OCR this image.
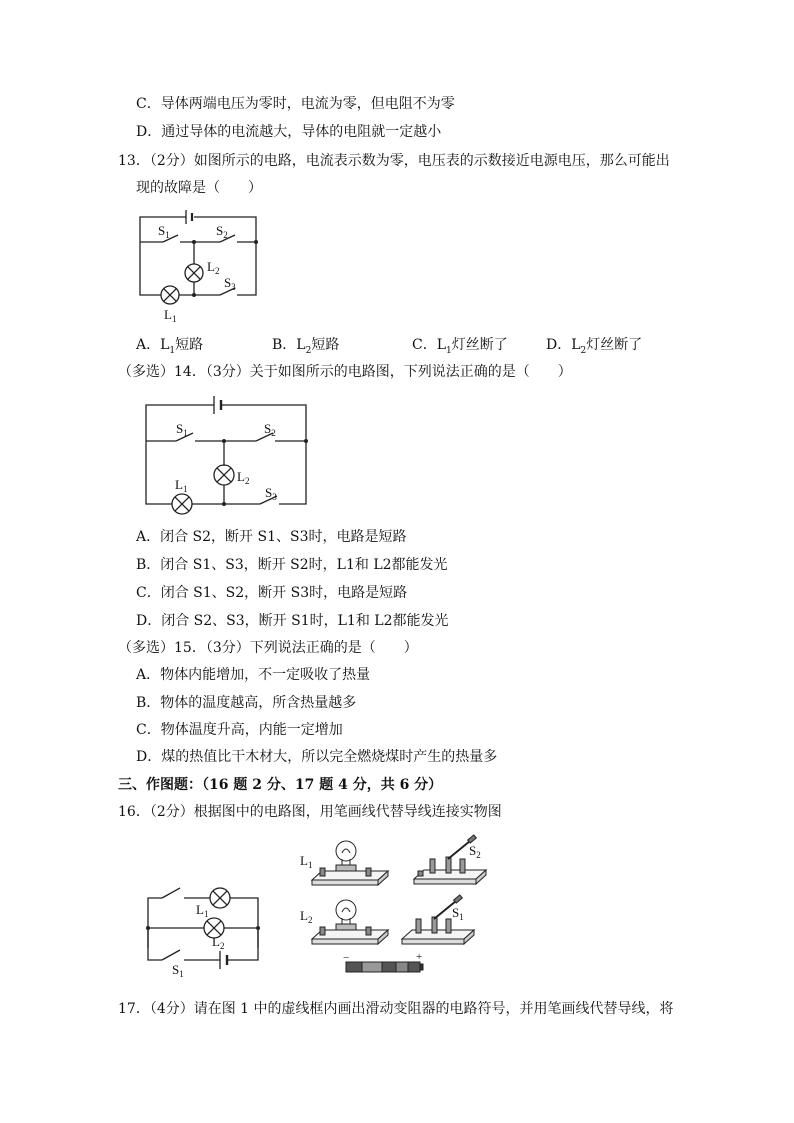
C．导体两端电压为零时，电流为零，但电阻不为零
D．通过导体的电流越大，导体的电阻就一定越小
13．（2分）如图所示的电路，电流表示数为零，电压表的示数接近电源电压，那么可能出
现的故障是（　　）
$S_1$	$S_2$
$L_2$
$S_3$
$L_1$
A．$L_1$短路	B．$L_2$短路	C．$L_1$灯丝断了	D．$L_2$灯丝断了
（多选）14．（3分）关于如图所示的电路图，下列说法正确的是（　　）
$S_1$	$S_2$
$L_2$
$L_1$	$S_3$
A．闭合 S2，断开 S1、S3时，电路是短路
B．闭合 S1、S3，断开 S2时，L1和 L2都能发光
C．闭合 S1、S2，断开 S3时，电路是短路
D．闭合 S2、S3，断开 S1时，L1和 L2都能发光
（多选）15．（3分）下列说法正确的是（　　）
A．物体内能增加，不一定吸收了热量
B．物体的温度越高，所含热量越多
C．物体温度升高，内能一定增加
D．煤的热值比干木材大，所以完全燃烧煤时产生的热量多
三、作图题：（16 题 2 分、17 题 4 分，共 6 分）
16．（2分）根据图中的电路图，用笔画线代替导线连接实物图
$L_1$
$L_2$
$S_1$
$L_1$
$L_2$
$S_2$
$S_1$
−	+
17．（4分）请在图 1 中的虚线框内画出滑动变阻器的电路符号，并用笔画线代替导线，将
